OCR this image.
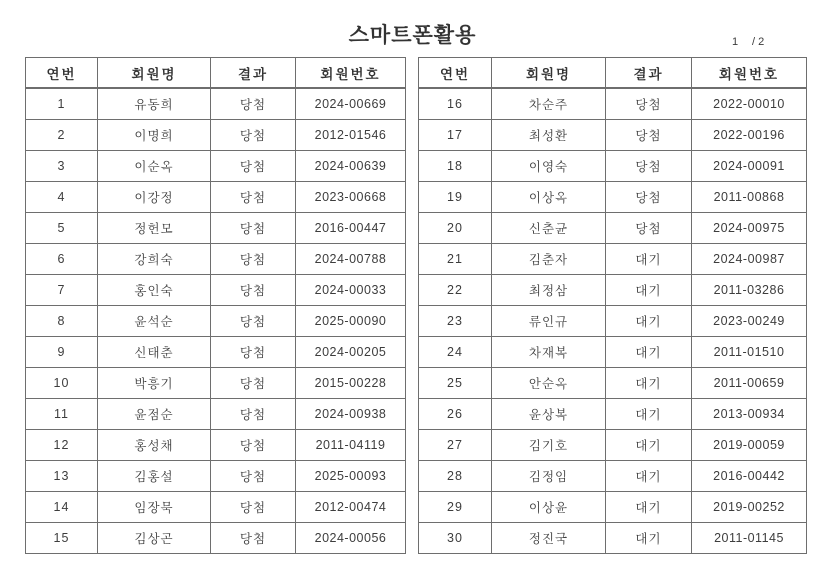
스마트폰활용	1	/ 2
연번	회원명	결과	회원번호
1	유동희	당첨	2024-00669
2	이명희	당첨	2012-01546
3	이순옥	당첨	2024-00639
4	이강정	당첨	2023-00668
5	정헌모	당첨	2016-00447
6	강희숙	당첨	2024-00788
7	홍인숙	당첨	2024-00033
8	윤석순	당첨	2025-00090
9	신태춘	당첨	2024-00205
10	박흥기	당첨	2015-00228
11	윤점순	당첨	2024-00938
12	홍성채	당첨	2011-04119
13	김홍설	당첨	2025-00093
14	임장묵	당첨	2012-00474
15	김상곤	당첨	2024-00056
연번	회원명	결과	회원번호
16	차순주	당첨	2022-00010
17	최성환	당첨	2022-00196
18	이영숙	당첨	2024-00091
19	이상옥	당첨	2011-00868
20	신춘균	당첨	2024-00975
21	김춘자	대기	2024-00987
22	최정삼	대기	2011-03286
23	류인규	대기	2023-00249
24	차재복	대기	2011-01510
25	안순옥	대기	2011-00659
26	윤상복	대기	2013-00934
27	김기호	대기	2019-00059
28	김정임	대기	2016-00442
29	이상윤	대기	2019-00252
30	정진국	대기	2011-01145
